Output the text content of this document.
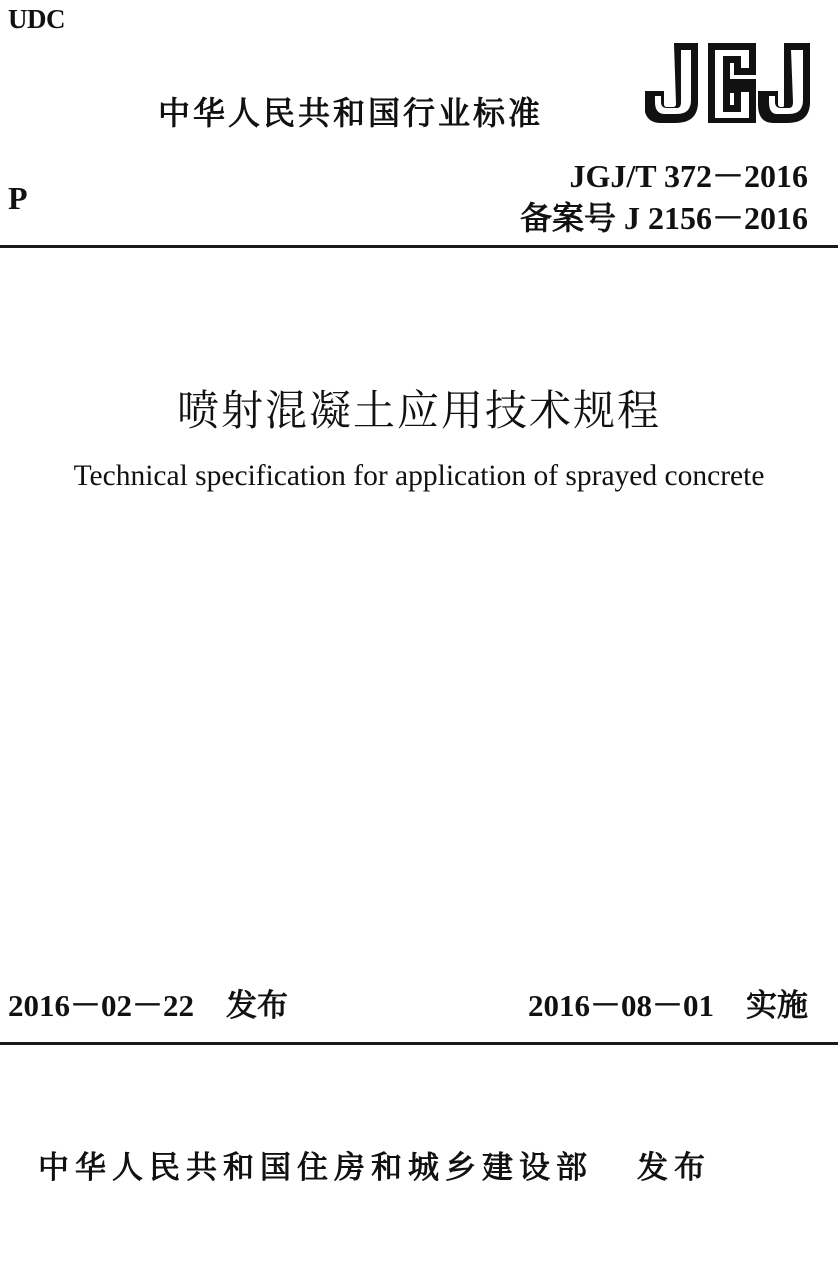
UDC
中华人民共和国行业标准
P
JGJ/T 372－2016
备案号 J 2156－2016
喷射混凝土应用技术规程
Technical specification for application of sprayed concrete
2016－02－22 发布	2016－08－01 实施
中华人民共和国住房和城乡建设部 发布
